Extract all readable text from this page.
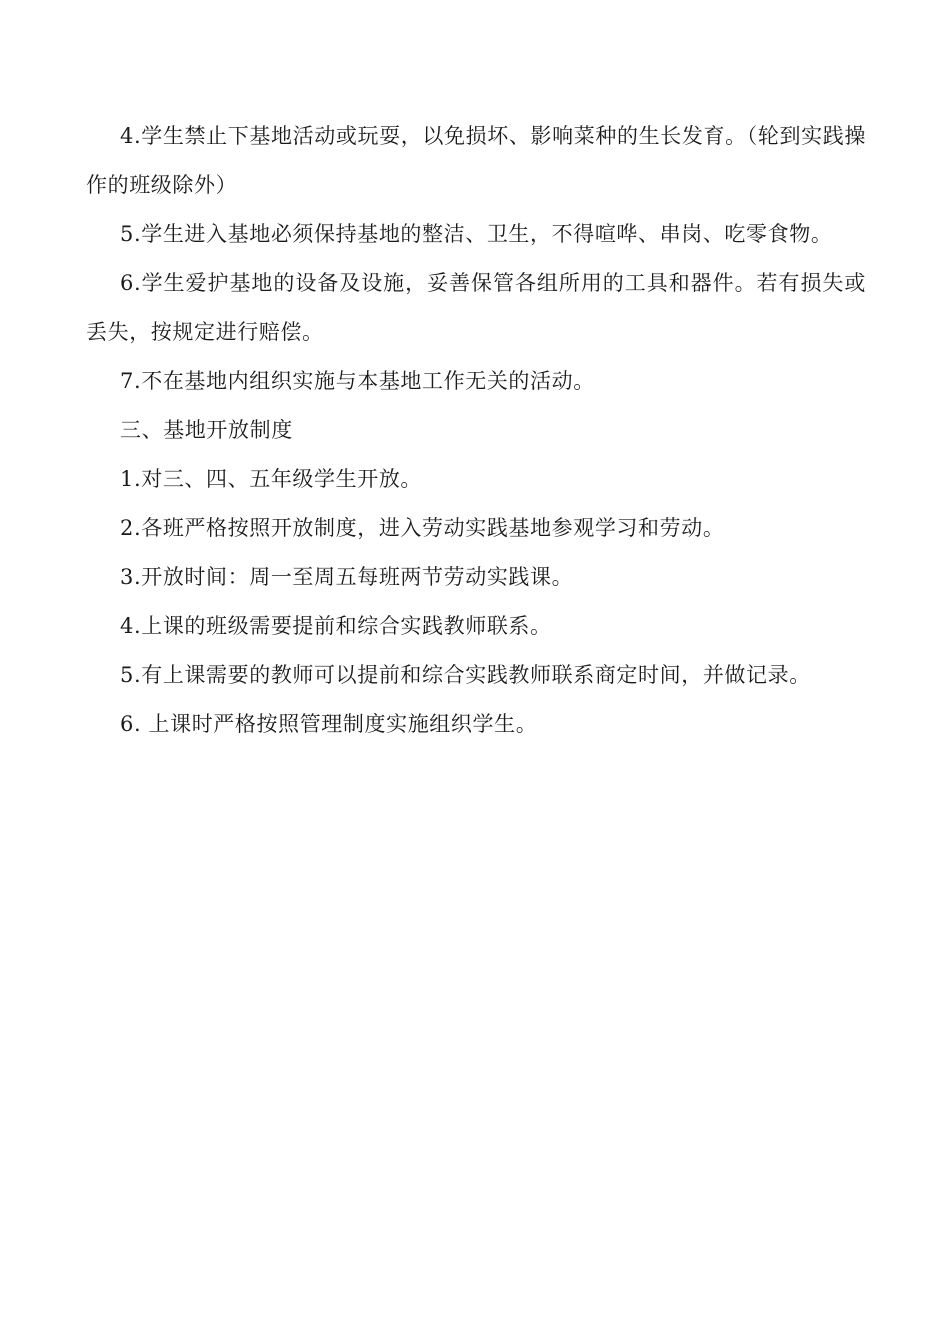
4.学生禁止下基地活动或玩耍，以免损坏、影响菜种的生长发育。（轮到实践操作的班级除外）

5.学生进入基地必须保持基地的整洁、卫生，不得喧哗、串岗、吃零食物。

6.学生爱护基地的设备及设施，妥善保管各组所用的工具和器件。若有损失或丢失，按规定进行赔偿。

7.不在基地内组织实施与本基地工作无关的活动。

三、基地开放制度

1.对三、四、五年级学生开放。

2.各班严格按照开放制度，进入劳动实践基地参观学习和劳动。

3.开放时间：周一至周五每班两节劳动实践课。

4.上课的班级需要提前和综合实践教师联系。

5.有上课需要的教师可以提前和综合实践教师联系商定时间，并做记录。

6. 上课时严格按照管理制度实施组织学生。
